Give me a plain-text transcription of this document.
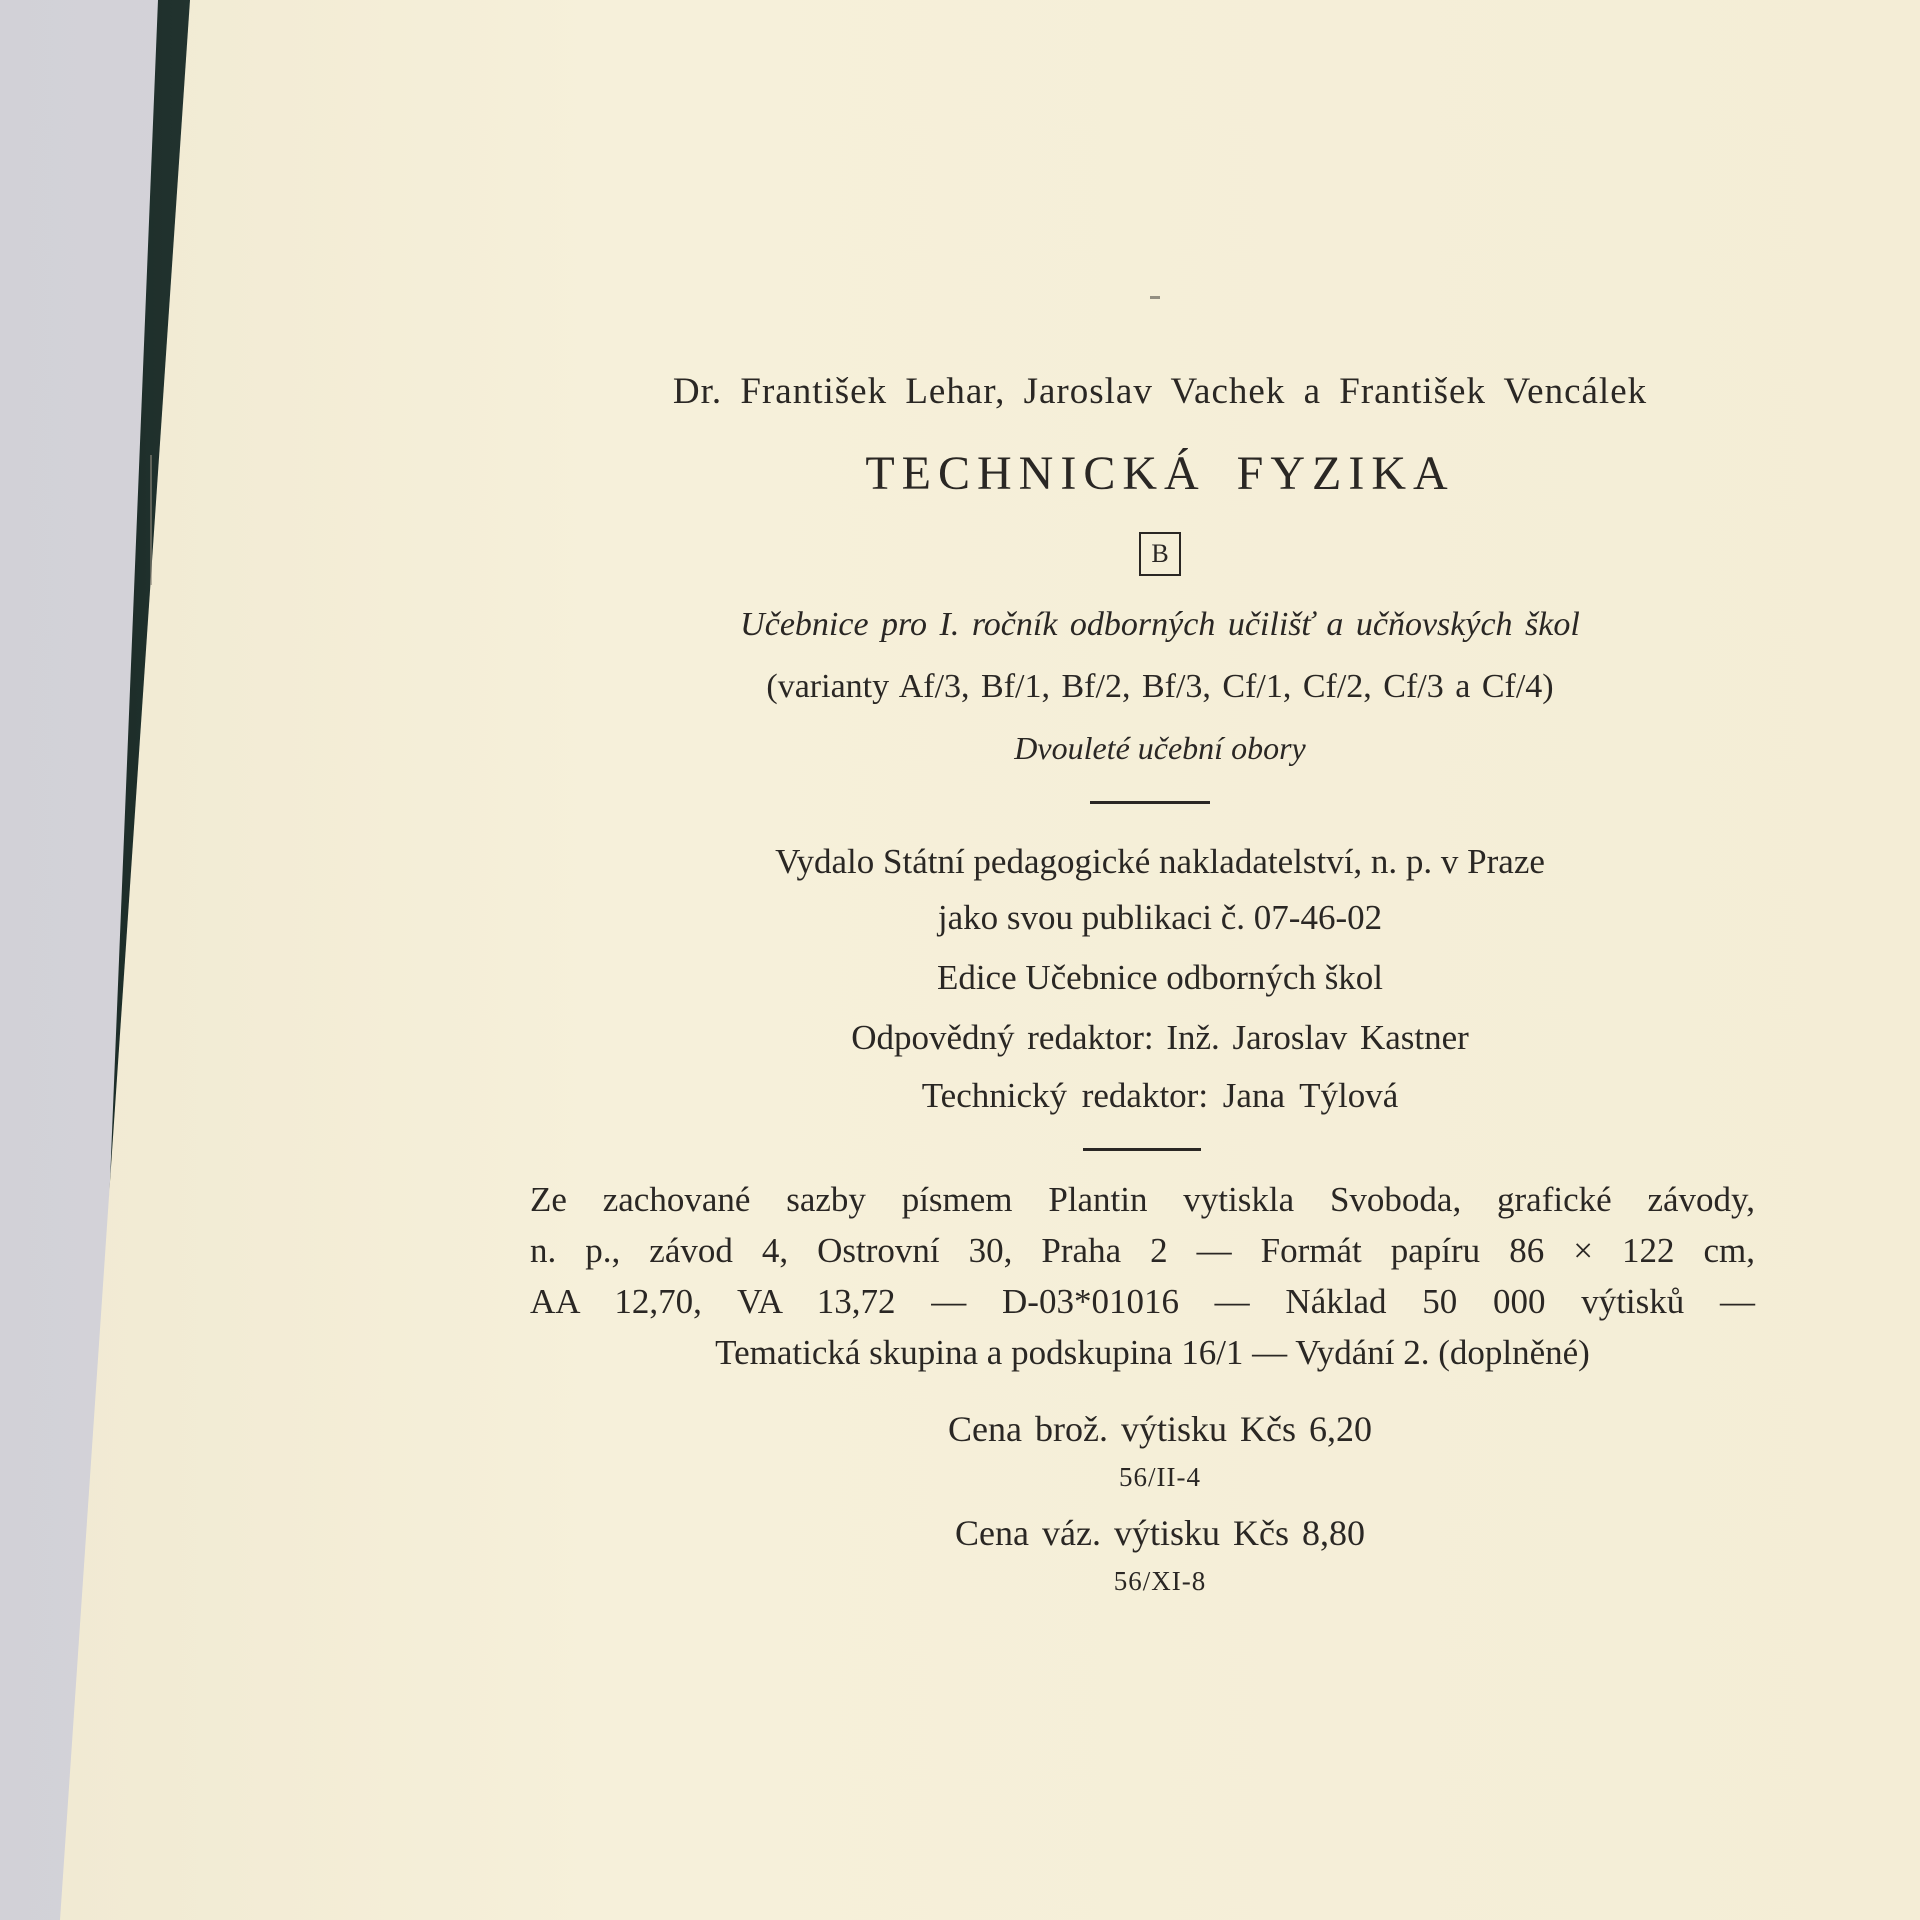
Dr. František Lehar, Jaroslav Vachek a František Vencálek

TECHNICKÁ FYZIKA

B

Učebnice pro I. ročník odborných učilišť a učňovských škol

(varianty Af/3, Bf/1, Bf/2, Bf/3, Cf/1, Cf/2, Cf/3 a Cf/4)

Dvouleté učební obory

Vydalo Státní pedagogické nakladatelství, n. p. v Praze

jako svou publikaci č. 07-46-02

Edice Učebnice odborných škol

Odpovědný redaktor: Inž. Jaroslav Kastner

Technický redaktor: Jana Týlová

Ze zachované sazby písmem Plantin vytiskla Svoboda, grafické závody,
n. p., závod 4, Ostrovní 30, Praha 2 — Formát papíru 86 × 122 cm,
AA 12,70, VA 13,72 — D-03*01016 — Náklad 50 000 výtisků —
Tematická skupina a podskupina 16/1 — Vydání 2. (doplněné)

Cena brož. výtisku Kčs 6,20

56/II-4

Cena váz. výtisku Kčs 8,80

56/XI-8
